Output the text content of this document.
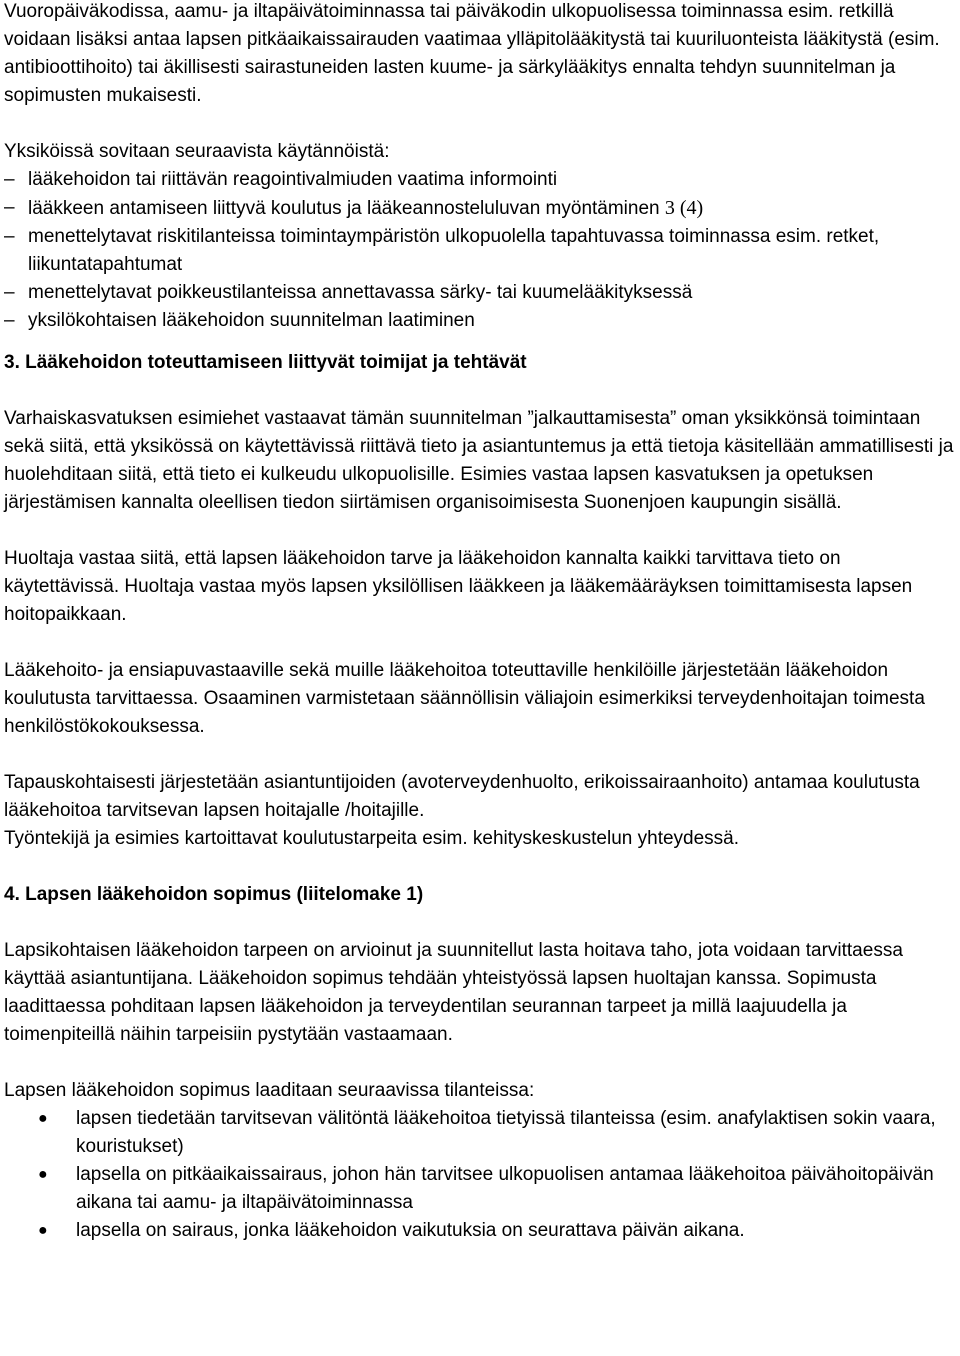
Vuoropäiväkodissa, aamu- ja iltapäivätoiminnassa tai päiväkodin ulkopuolisessa toiminnassa esim. retkillä voidaan lisäksi antaa lapsen pitkäaikaissairauden vaatimaa ylläpitolääkitystä tai kuuriluonteista lääkitystä (esim. antibioottihoito) tai äkillisesti sairastuneiden lasten kuume- ja särkylääkitys ennalta tehdyn suunnitelman ja sopimusten mukaisesti.

Yksiköissä sovitaan seuraavista käytännöistä:

– lääkehoidon tai riittävän reagointivalmiuden vaatima informointi
– lääkkeen antamiseen liittyvä koulutus ja lääkeannosteluluvan myöntäminen 3 (4)
– menettelytavat riskitilanteissa toimintaympäristön ulkopuolella tapahtuvassa toiminnassa esim. retket, liikuntatapahtumat
– menettelytavat poikkeustilanteissa annettavassa särky- tai kuumelääkityksessä
– yksilökohtaisen lääkehoidon suunnitelman laatiminen
3. Lääkehoidon toteuttamiseen liittyvät toimijat ja tehtävät

Varhaiskasvatuksen esimiehet vastaavat tämän suunnitelman ”jalkauttamisesta” oman yksikkönsä toimintaan sekä siitä, että yksikössä on käytettävissä riittävä tieto ja asiantuntemus ja että tietoja käsitellään ammatillisesti ja huolehditaan siitä, että tieto ei kulkeudu ulkopuolisille. Esimies vastaa lapsen kasvatuksen ja opetuksen järjestämisen kannalta oleellisen tiedon siirtämisen organisoimisesta Suonenjoen kaupungin sisällä.

Huoltaja vastaa siitä, että lapsen lääkehoidon tarve ja lääkehoidon kannalta kaikki tarvittava tieto on käytettävissä. Huoltaja vastaa myös lapsen yksilöllisen lääkkeen ja lääkemääräyksen toimittamisesta lapsen hoitopaikkaan.

Lääkehoito- ja ensiapuvastaaville sekä muille lääkehoitoa toteuttaville henkilöille järjestetään lääkehoidon koulutusta tarvittaessa. Osaaminen varmistetaan säännöllisin väliajoin esimerkiksi terveydenhoitajan toimesta henkilöstökokouksessa.

Tapauskohtaisesti järjestetään asiantuntijoiden (avoterveydenhuolto, erikoissairaanhoito) antamaa koulutusta lääkehoitoa tarvitsevan lapsen hoitajalle /hoitajille.

Työntekijä ja esimies kartoittavat koulutustarpeita esim. kehityskeskustelun yhteydessä.

4. Lapsen lääkehoidon sopimus (liitelomake 1)

Lapsikohtaisen lääkehoidon tarpeen on arvioinut ja suunnitellut lasta hoitava taho, jota voidaan tarvittaessa käyttää asiantuntijana. Lääkehoidon sopimus tehdään yhteistyössä lapsen huoltajan kanssa. Sopimusta laadittaessa pohditaan lapsen lääkehoidon ja terveydentilan seurannan tarpeet ja millä laajuudella ja toimenpiteillä näihin tarpeisiin pystytään vastaamaan.

Lapsen lääkehoidon sopimus laaditaan seuraavissa tilanteissa:

●	lapsen tiedetään tarvitsevan välitöntä lääkehoitoa tietyissä tilanteissa (esim. anafylaktisen sokin vaara, kouristukset)
●	lapsella on pitkäaikaissairaus, johon hän tarvitsee ulkopuolisen antamaa lääkehoitoa päivähoitopäivän aikana tai aamu- ja iltapäivätoiminnassa
●	lapsella on sairaus, jonka lääkehoidon vaikutuksia on seurattava päivän aikana.
